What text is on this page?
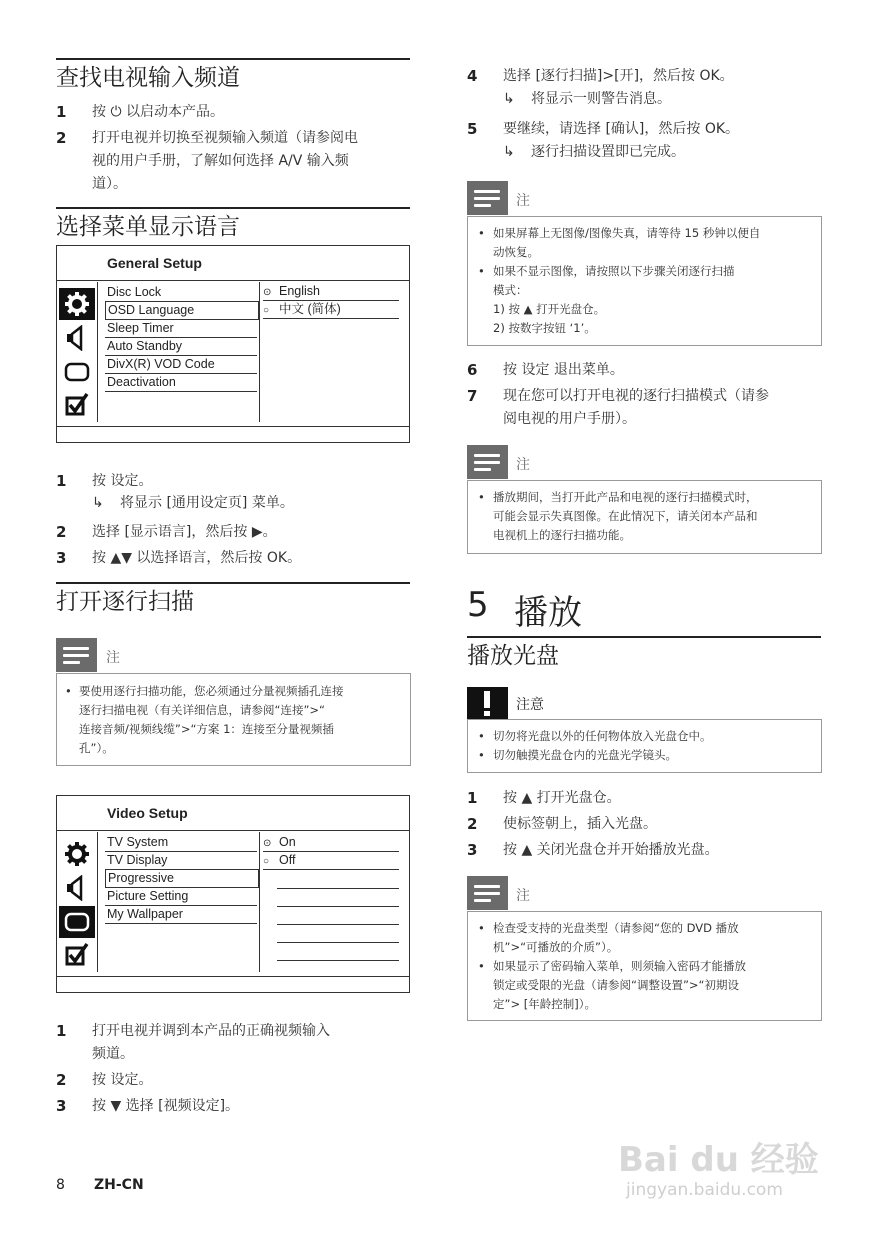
查找电视输入频道
1 按 ⏻ 以启动本产品。
2 打开电视并切换至视频输入频道（请参阅电
视的用户手册，了解如何选择 A/V 输入频
道）。
选择菜单显示语言
General Setup
Disc Lock
OSD Language
Sleep Timer
Auto Standby
DivX(R) VOD Code
Deactivation
⊙ English
○ 中文 (简体)
1 按 设定。
↳ 将显示 [通用设定页] 菜单。
2 选择 [显示语言]，然后按 ▶。
3 按 ▲▼ 以选择语言，然后按 OK。
打开逐行扫描
注
• 要使用逐行扫描功能，您必须通过分量视频插孔连接
逐行扫描电视（有关详细信息，请参阅“连接”>“
连接音频/视频线缆”>“方案 1：连接至分量视频插
孔”）。
Video Setup
TV System
TV Display
Progressive
Picture Setting
My Wallpaper
⊙ On
○ Off
1 打开电视并调到本产品的正确视频输入
频道。
2 按 设定。
3 按 ▼ 选择 [视频设定]。
8 ZH-CN
4 选择 [逐行扫描]>[开]，然后按 OK。
↳ 将显示一则警告消息。
5 要继续，请选择 [确认]，然后按 OK。
↳ 逐行扫描设置即已完成。
注
• 如果屏幕上无图像/图像失真，请等待 15 秒钟以便自
动恢复。
• 如果不显示图像，请按照以下步骤关闭逐行扫描
模式：
1) 按 ▲ 打开光盘仓。
2) 按数字按钮 ‘1’。
6 按 设定 退出菜单。
7 现在您可以打开电视的逐行扫描模式（请参
阅电视的用户手册）。
注
• 播放期间，当打开此产品和电视的逐行扫描模式时，
可能会显示失真图像。在此情况下，请关闭本产品和
电视机上的逐行扫描功能。
5 播放
播放光盘
注意
• 切勿将光盘以外的任何物体放入光盘仓中。
• 切勿触摸光盘仓内的光盘光学镜头。
1 按 ▲ 打开光盘仓。
2 使标签朝上，插入光盘。
3 按 ▲ 关闭光盘仓并开始播放光盘。
注
• 检查受支持的光盘类型（请参阅“您的 DVD 播放
机”>“可播放的介质”）。
• 如果显示了密码输入菜单，则须输入密码才能播放
锁定或受限的光盘（请参阅“调整设置”>“初期设
定”> [年龄控制]）。
Bai du 经验
jingyan.baidu.com
